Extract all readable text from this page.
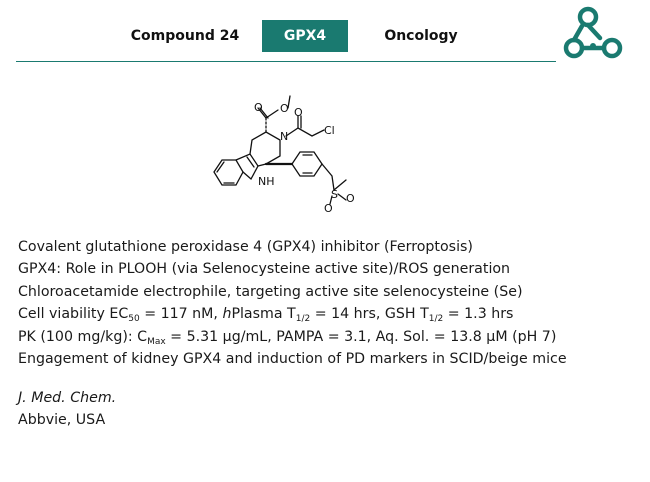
Compound 24	GPX4	Oncology
O O
N
O
Cl
NH
S O
O
Covalent glutathione peroxidase 4 (GPX4) inhibitor (Ferroptosis)
GPX4: Role in PLOOH (via Selenocysteine active site)/ROS generation
Chloroacetamide electrophile, targeting active site selenocysteine (Se)
Cell viability $EC_{50} = 117$ nM, hPlasma $T_{1/2} = 14$ hrs, GSH $T_{1/2} = 1.3$ hrs
PK (100 mg/kg): $C_{Max} = 5.31$ µg/mL, PAMPA = 3.1, Aq. Sol. = 13.8 µM (pH 7)
Engagement of kidney GPX4 and induction of PD markers in SCID/beige mice
J. Med. Chem.
Abbvie, USA
